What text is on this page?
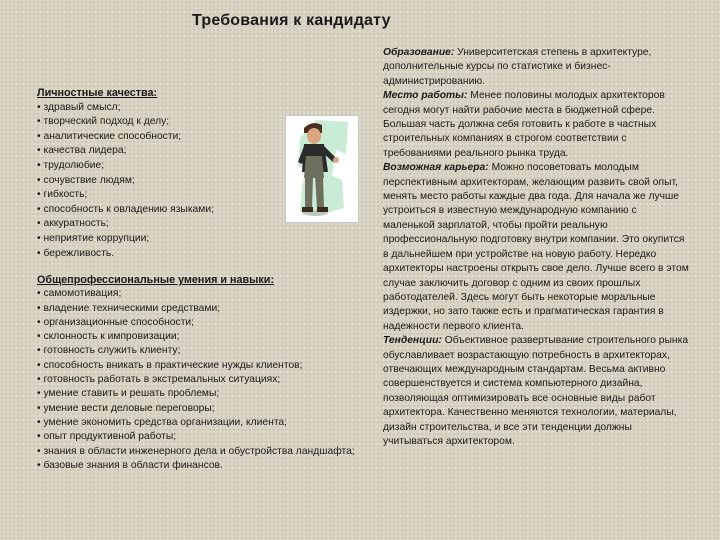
Требования к кандидату
Личностные качества:
• здравый смысл;
• творческий подход к делу;
• аналитические способности;
• качества лидера;
• трудолюбие;
• сочувствие людям;
• гибкость;
• способность к овладению языками;
• аккуратность;
• неприятие коррупции;
• бережливость.
Общепрофессиональные умения и навыки:
• самомотивация;
• владение техническими средствами;
• организационные способности;
• склонность к импровизации;
• готовность служить клиенту;
• способность вникать в практические нужды клиентов;
• готовность работать в экстремальных ситуациях;
• умение ставить и решать проблемы;
• умение вести деловые переговоры;
• умение экономить средства организации, клиента;
• опыт продуктивной работы;
• знания в области инженерного дела и обустройства ландшафта;
• базовые знания в области финансов.

Образование: Университетская степень в архитектуре, дополнительные курсы по статистике и бизнес-администрированию.

Место работы: Менее половины молодых архитекторов сегодня могут найти рабочие места в бюджетной сфере. Большая часть должна себя готовить к работе в частных строительных компаниях в строгом соответствии с требованиями реального рынка труда.

Возможная карьера: Можно посоветовать молодым перспективным архитекторам, желающим развить свой опыт, менять место работы каждые два года. Для начала же лучше устроиться в известную международную компанию с маленькой зарплатой, чтобы пройти реальную профессиональную подготовку внутри компании. Это окупится в дальнейшем при устройстве на новую работу. Нередко архитекторы настроены открыть свое дело. Лучше всего в этом случае заключить договор с одним из своих прошлых работодателей. Здесь могут быть некоторые моральные издержки, но зато также есть и прагматическая гарантия в надежности первого клиента.

Тенденции: Объективное развертывание строительного рынка обуславливает возрастающую потребность в архитекторах, отвечающих международным стандартам. Весьма активно совершенствуется и система компьютерного дизайна, позволяющая оптимизировать все основные виды работ архитектора. Качественно меняются технологии, материалы, дизайн строительства, и все эти тенденции должны учитываться архитектором.
